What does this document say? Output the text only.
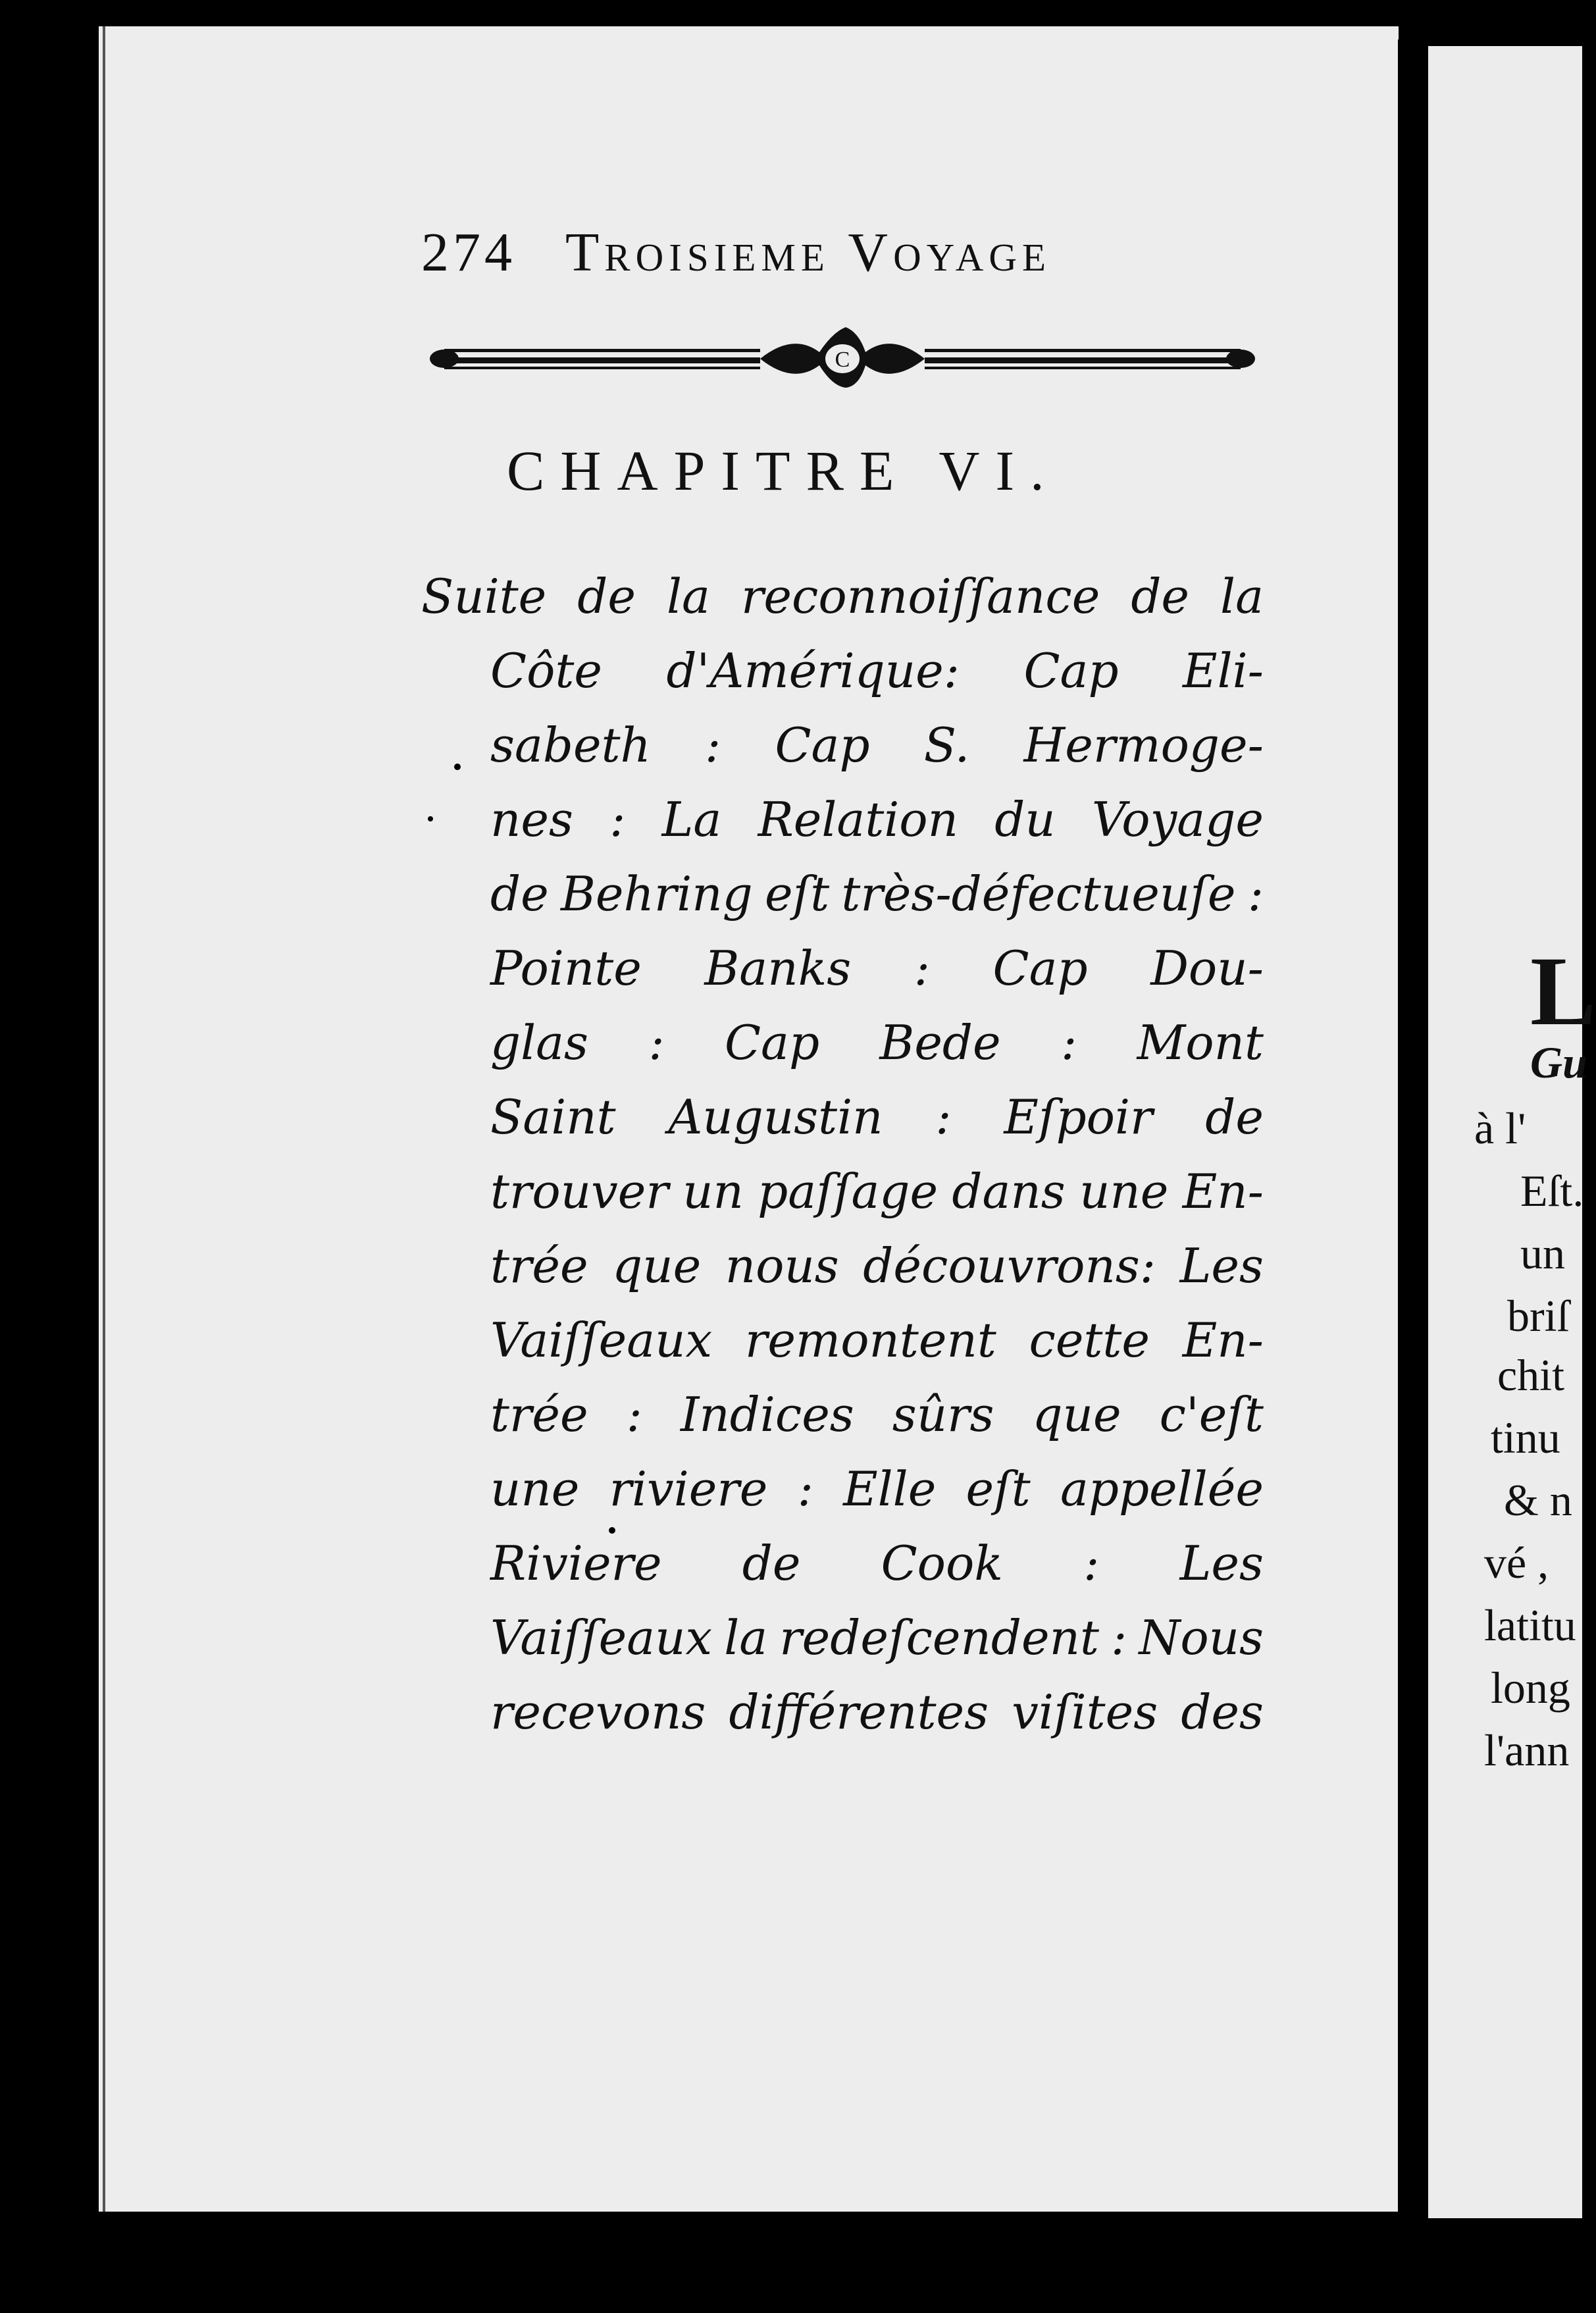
274 Troisieme Voyage
C
CHAPITRE VI.
Suite de la reconnoiſſance de la
Côte d'Amérique: Cap Eli-
sabeth : Cap S. Hermoge-
nes : La Relation du Voyage
de Behring eſt très-défectueuſe :
Pointe Banks : Cap Dou-
glas : Cap Bede : Mont
Saint Augustin : Eſpoir de
trouver un paſſage dans une En-
trée que nous découvrons: Les
Vaiſſeaux remontent cette En-
trée : Indices sûrs que c'eſt
une riviere : Elle eſt appellée
Riviere de Cook : Les
Vaiſſeaux la redeſcendent : Nous
recevons différentes viſites des
L
Gu
à l'
Eſt.
un
briſ
chit
tinu
& n
vé ,
latitu
long
l'ann
